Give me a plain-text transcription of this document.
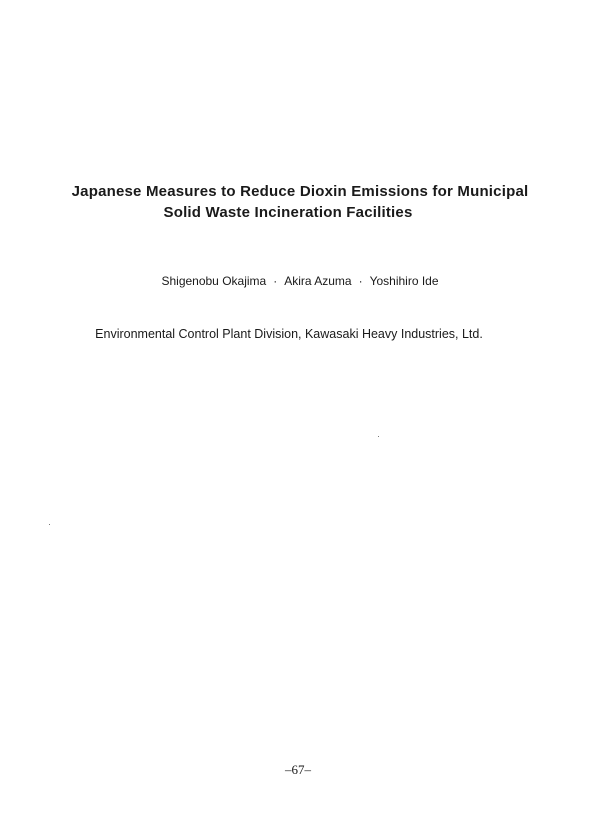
Japanese Measures to Reduce Dioxin Emissions for Municipal
Solid Waste Incineration Facilities
Shigenobu Okajima · Akira Azuma · Yoshihiro Ide
Environmental Control Plant Division, Kawasaki Heavy Industries, Ltd.
–67–
